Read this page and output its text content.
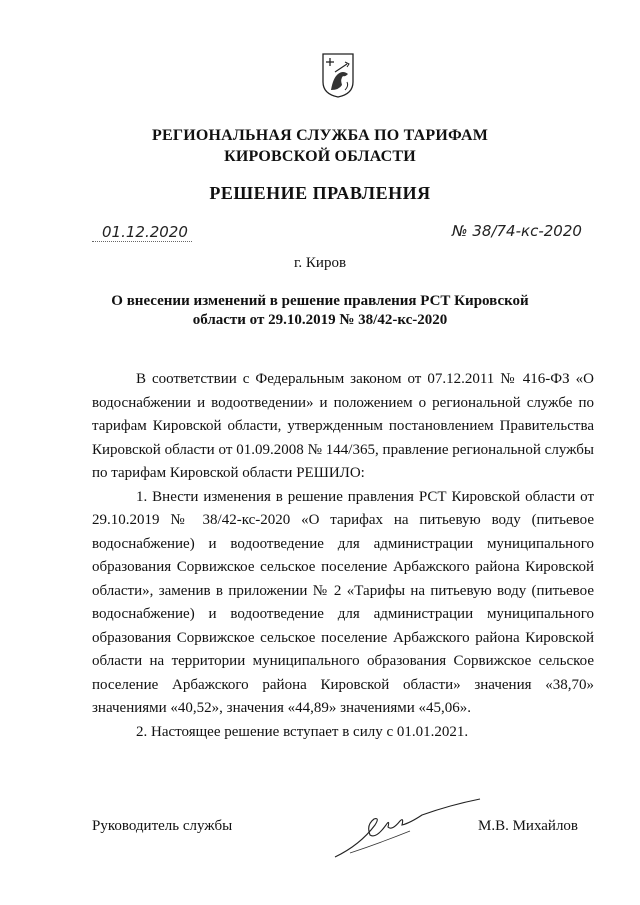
РЕГИОНАЛЬНАЯ СЛУЖБА ПО ТАРИФАМ
КИРОВСКОЙ ОБЛАСТИ
РЕШЕНИЕ ПРАВЛЕНИЯ
01.12.2020	№ 38/74-кс-2020
г. Киров
О внесении изменений в решение правления РСТ Кировской области от 29.10.2019 № 38/42-кс-2020

В соответствии с Федеральным законом от 07.12.2011 № 416-ФЗ «О водоснабжении и водоотведении» и положением о региональной службе по тарифам Кировской области, утвержденным постановлением Правительства Кировской области от 01.09.2008 № 144/365, правление региональной службы по тарифам Кировской области РЕШИЛО:

1. Внести изменения в решение правления РСТ Кировской области от 29.10.2019 № 38/42-кс-2020 «О тарифах на питьевую воду (питьевое водоснабжение) и водоотведение для администрации муниципального образования Сорвижское сельское поселение Арбажского района Кировской области», заменив в приложении № 2 «Тарифы на питьевую воду (питьевое водоснабжение) и водоотведение для администрации муниципального образования Сорвижское сельское поселение Арбажского района Кировской области на территории муниципального образования Сорвижское сельское поселение Арбажского района Кировской области» значения «38,70» значениями «40,52», значения «44,89» значениями «45,06».

2. Настоящее решение вступает в силу с 01.01.2021.

Руководитель службы	М.В. Михайлов
